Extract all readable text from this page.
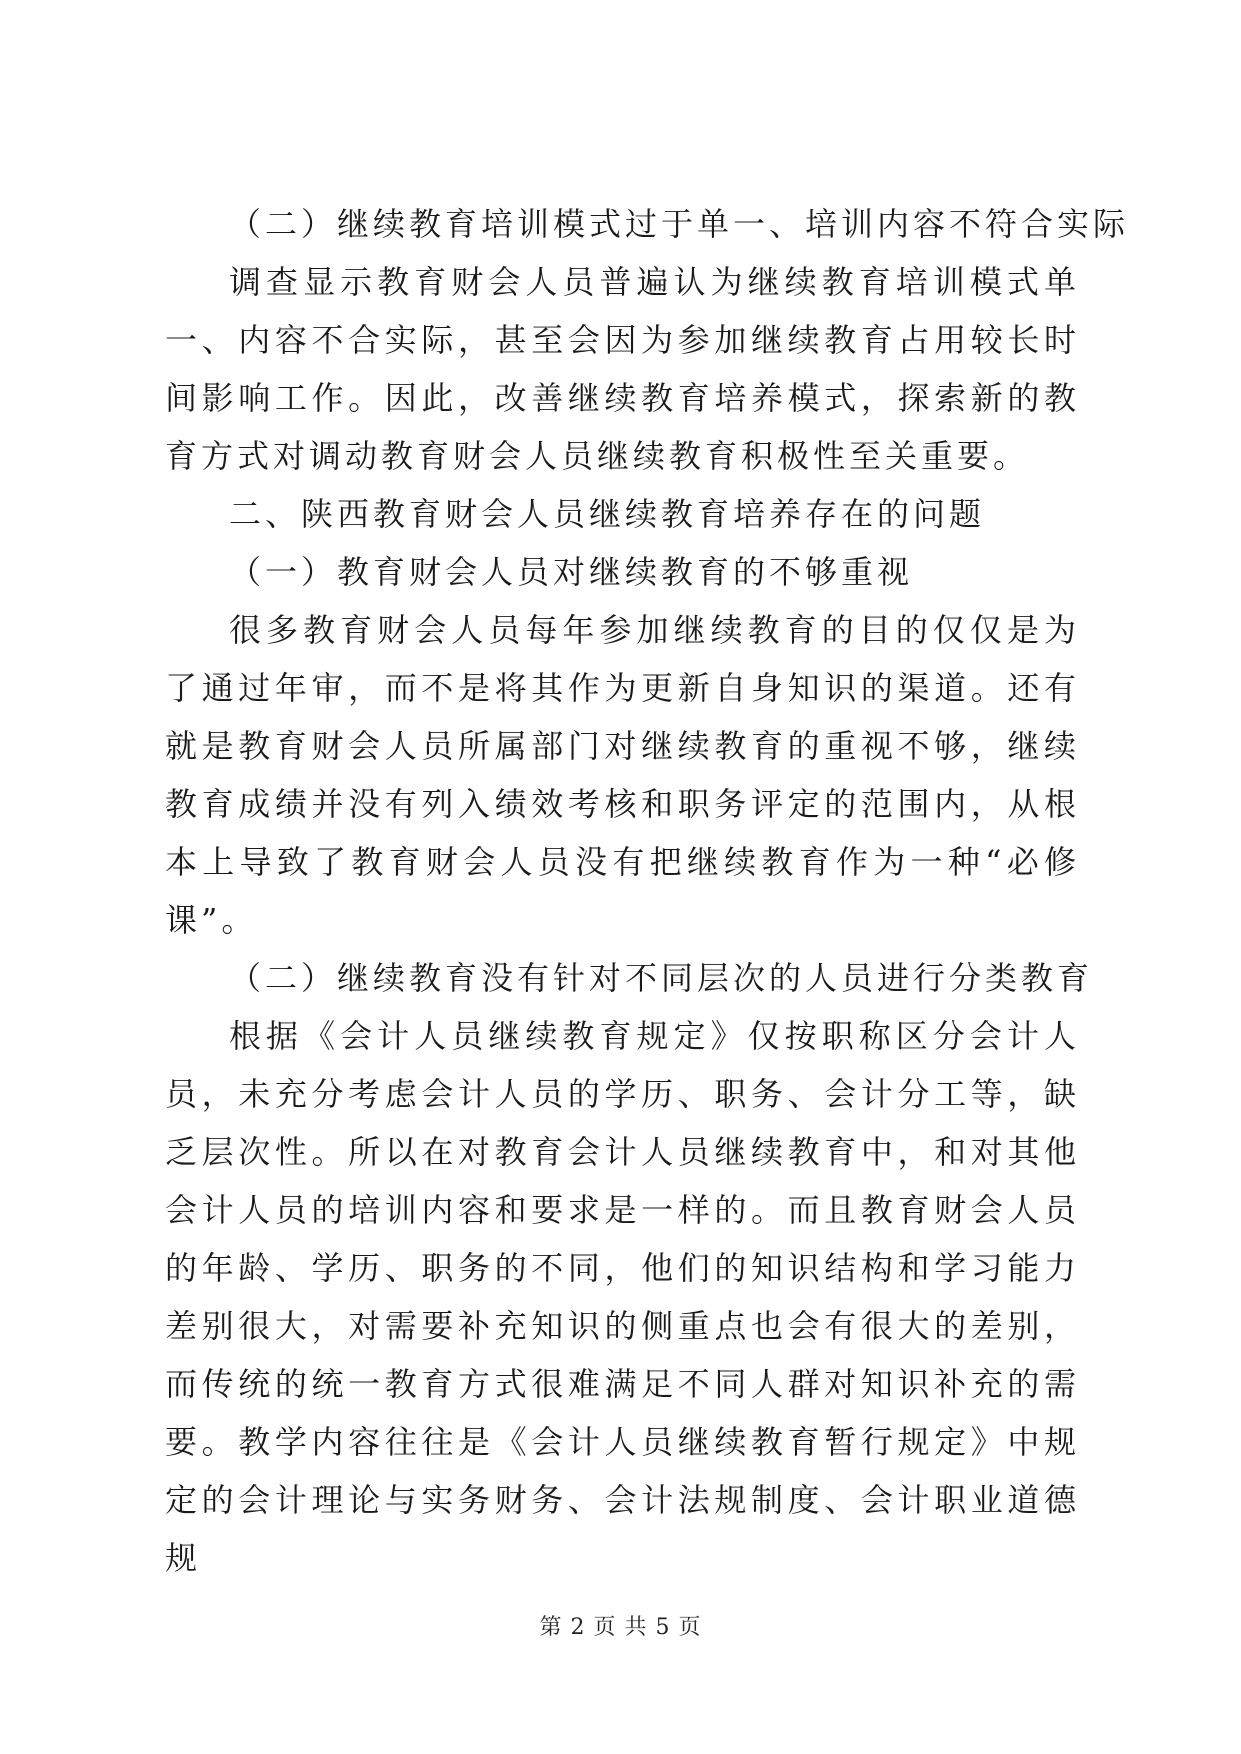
（二）继续教育培训模式过于单一、培训内容不符合实际

调查显示教育财会人员普遍认为继续教育培训模式单一、内容不合实际，甚至会因为参加继续教育占用较长时间影响工作。因此，改善继续教育培养模式，探索新的教育方式对调动教育财会人员继续教育积极性至关重要。

二、陕西教育财会人员继续教育培养存在的问题

（一）教育财会人员对继续教育的不够重视

很多教育财会人员每年参加继续教育的目的仅仅是为了通过年审，而不是将其作为更新自身知识的渠道。还有就是教育财会人员所属部门对继续教育的重视不够，继续教育成绩并没有列入绩效考核和职务评定的范围内，从根本上导致了教育财会人员没有把继续教育作为一种“必修课”。

（二）继续教育没有针对不同层次的人员进行分类教育

根据《会计人员继续教育规定》仅按职称区分会计人员，未充分考虑会计人员的学历、职务、会计分工等，缺乏层次性。所以在对教育会计人员继续教育中，和对其他会计人员的培训内容和要求是一样的。而且教育财会人员的年龄、学历、职务的不同，他们的知识结构和学习能力差别很大，对需要补充知识的侧重点也会有很大的差别，而传统的统一教育方式很难满足不同人群对知识补充的需要。教学内容往往是《会计人员继续教育暂行规定》中规定的会计理论与实务财务、会计法规制度、会计职业道德规

第 2 页 共 5 页
